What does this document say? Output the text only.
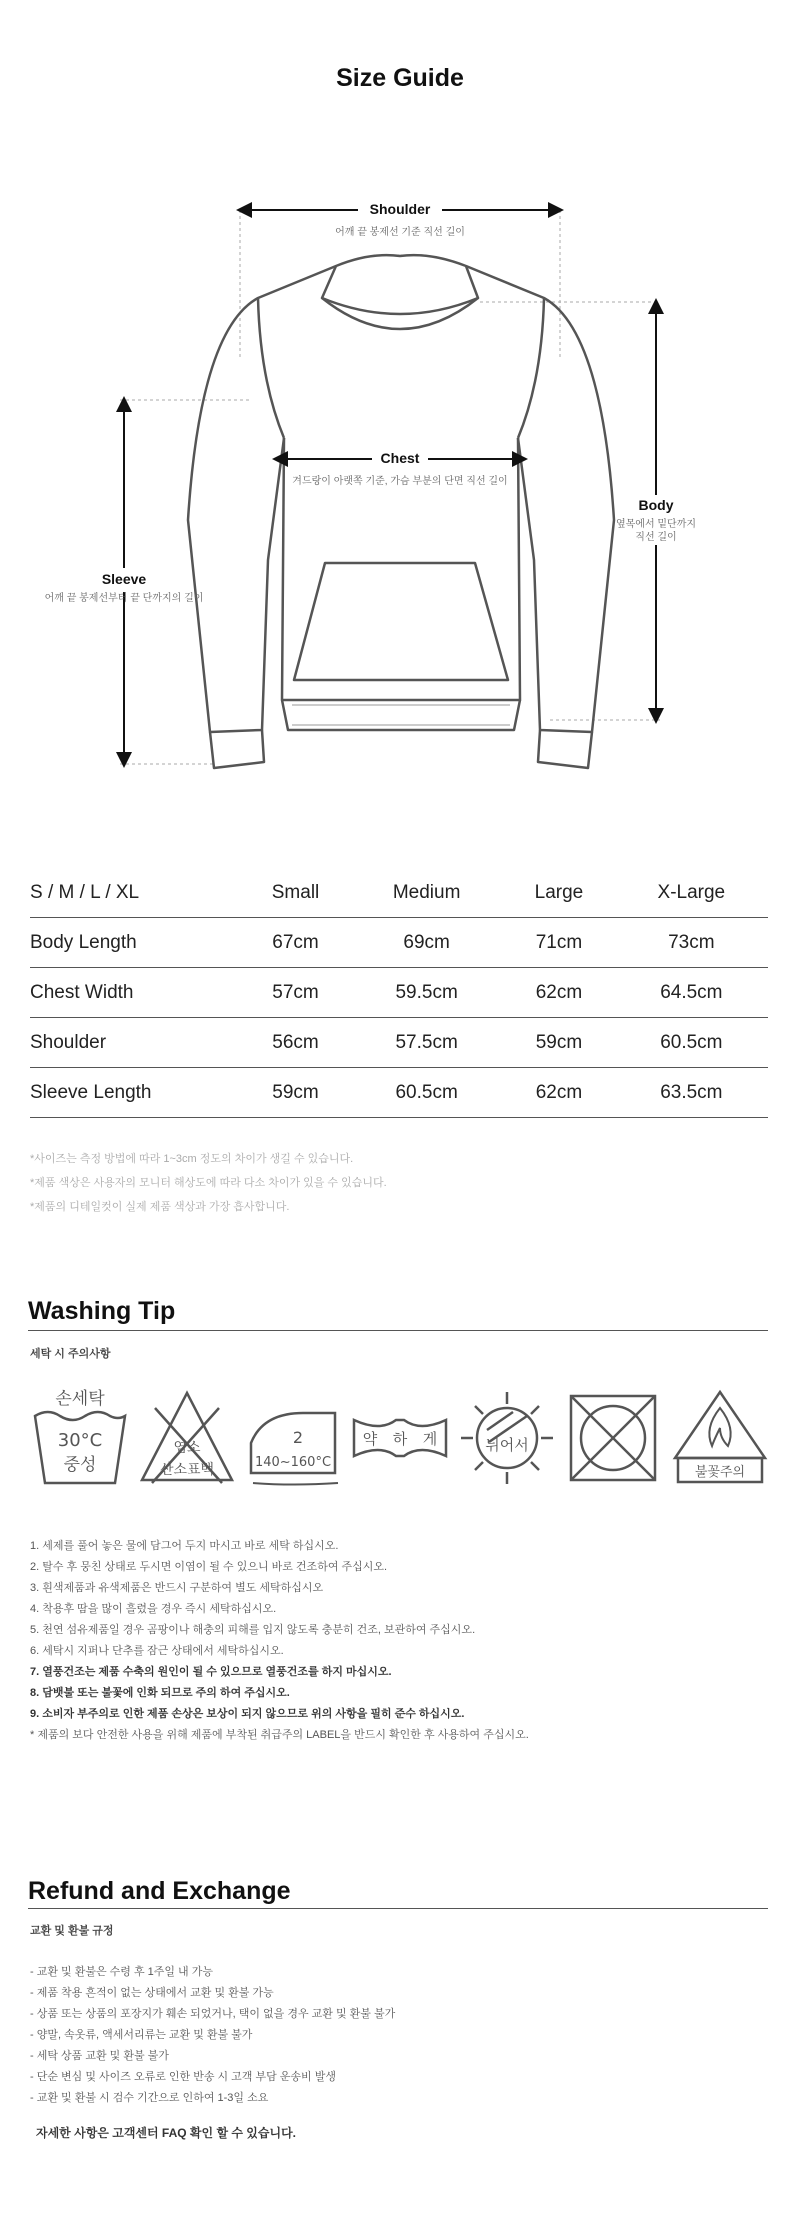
Size Guide
Shoulder
어깨 끝 봉제선 기준 직선 길이
Chest
겨드랑이 아랫쪽 기준, 가슴 부분의 단면 직선 길이
Body
옆목에서 밑단까지
직선 길이
Sleeve
어깨 끝 봉제선부터 끝 단까지의 길이
S / M / L / XL	Small	Medium	Large	X-Large
Body Length	67cm	69cm	71cm	73cm
Chest Width	57cm	59.5cm	62cm	64.5cm
Shoulder	56cm	57.5cm	59cm	60.5cm
Sleeve Length	59cm	60.5cm	62cm	63.5cm
*사이즈는 측정 방법에 따라 1~3cm 정도의 차이가 생길 수 있습니다.
*제품 색상은 사용자의 모니터 해상도에 따라 다소 차이가 있을 수 있습니다.
*제품의 디테일컷이 실제 제품 색상과 가장 흡사합니다.
Washing Tip
세탁 시 주의사항
손세탁
30°C
중성
염소
산소표백
2
140~160°C
약 하 게	뉘어서
불꽃주의
1. 세제를 풀어 놓은 물에 담그어 두지 마시고 바로 세탁 하십시오.
2. 탈수 후 뭉친 상태로 두시면 이염이 될 수 있으니 바로 건조하여 주십시오.
3. 흰색제품과 유색제품은 반드시 구분하여 별도 세탁하십시오
4. 착용후 땀을 많이 흘렸을 경우 즉시 세탁하십시오.
5. 천연 섬유제품일 경우 곰팡이나 해충의 피해를 입지 않도록 충분히 건조, 보관하여 주십시오.
6. 세탁시 지퍼나 단추를 잠근 상태에서 세탁하십시오.
7. 열풍건조는 제품 수축의 원인이 될 수 있으므로 열풍건조를 하지 마십시오.
8. 담뱃불 또는 불꽃에 인화 되므로 주의 하여 주십시오.
9. 소비자 부주의로 인한 제품 손상은 보상이 되지 않으므로 위의 사항을 필히 준수 하십시오.
* 제품의 보다 안전한 사용을 위해 제품에 부착된 취급주의 LABEL을 반드시 확인한 후 사용하여 주십시오.
Refund and Exchange
교환 및 환불 규정
- 교환 및 환불은 수령 후 1주일 내 가능
- 제품 착용 흔적이 없는 상태에서 교환 및 환불 가능
- 상품 또는 상품의 포장지가 훼손 되었거나, 택이 없을 경우 교환 및 환불 불가
- 양말, 속옷류, 액세서리류는 교환 및 환불 불가
- 세탁 상품 교환 및 환불 불가
- 단순 변심 및 사이즈 오류로 인한 반송 시 고객 부담 운송비 발생
- 교환 및 환불 시 검수 기간으로 인하여 1-3일 소요
자세한 사항은 고객센터 FAQ 확인 할 수 있습니다.
